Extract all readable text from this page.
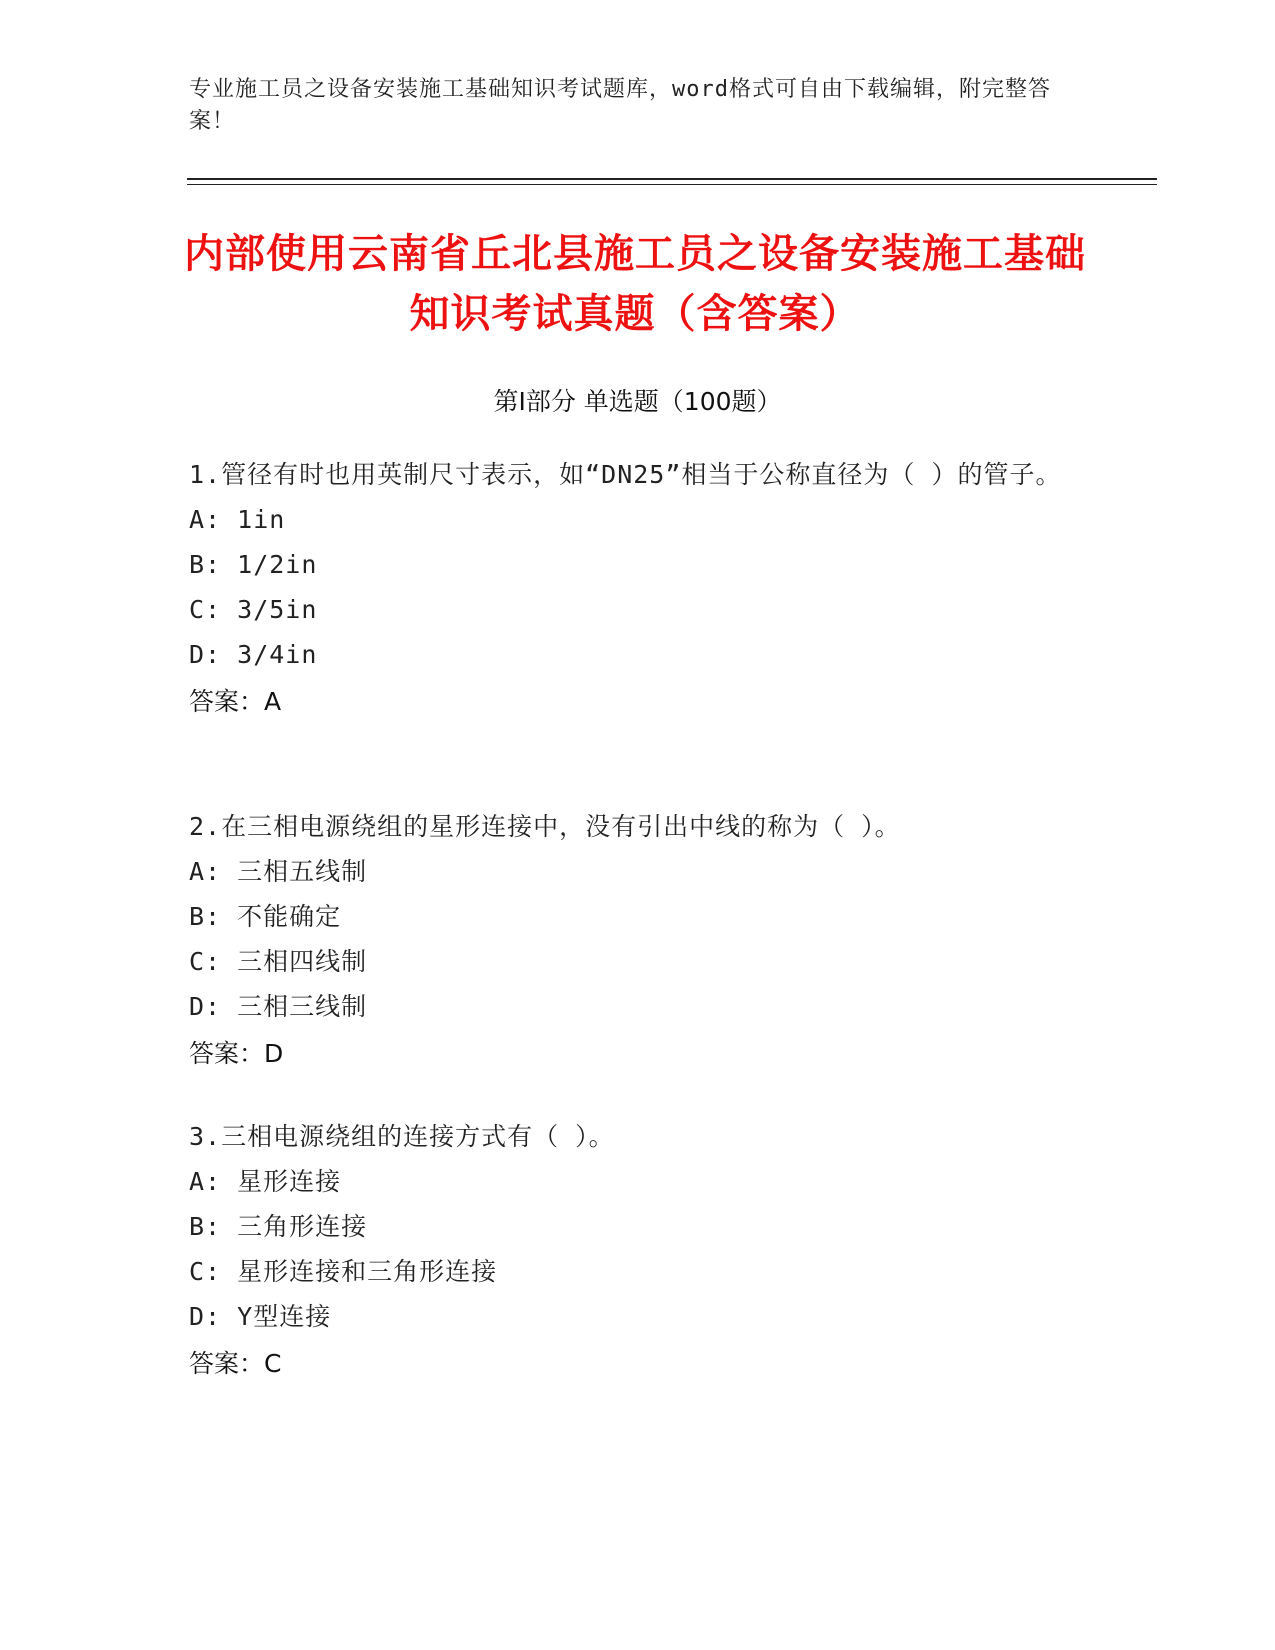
专业施工员之设备安装施工基础知识考试题库，word格式可自由下载编辑，附完整答案！
内部使用云南省丘北县施工员之设备安装施工基础知识考试真题（含答案）
第Ⅰ部分 单选题（100题）
1.管径有时也用英制尺寸表示，如“DN25”相当于公称直径为（ ）的管子。
A: 1in
B: 1/2in
C: 3/5in
D: 3/4in
答案：A
2.在三相电源绕组的星形连接中，没有引出中线的称为（ ）。
A: 三相五线制
B: 不能确定
C: 三相四线制
D: 三相三线制
答案：D
3.三相电源绕组的连接方式有（ ）。
A: 星形连接
B: 三角形连接
C: 星形连接和三角形连接
D: Y型连接
答案：C
